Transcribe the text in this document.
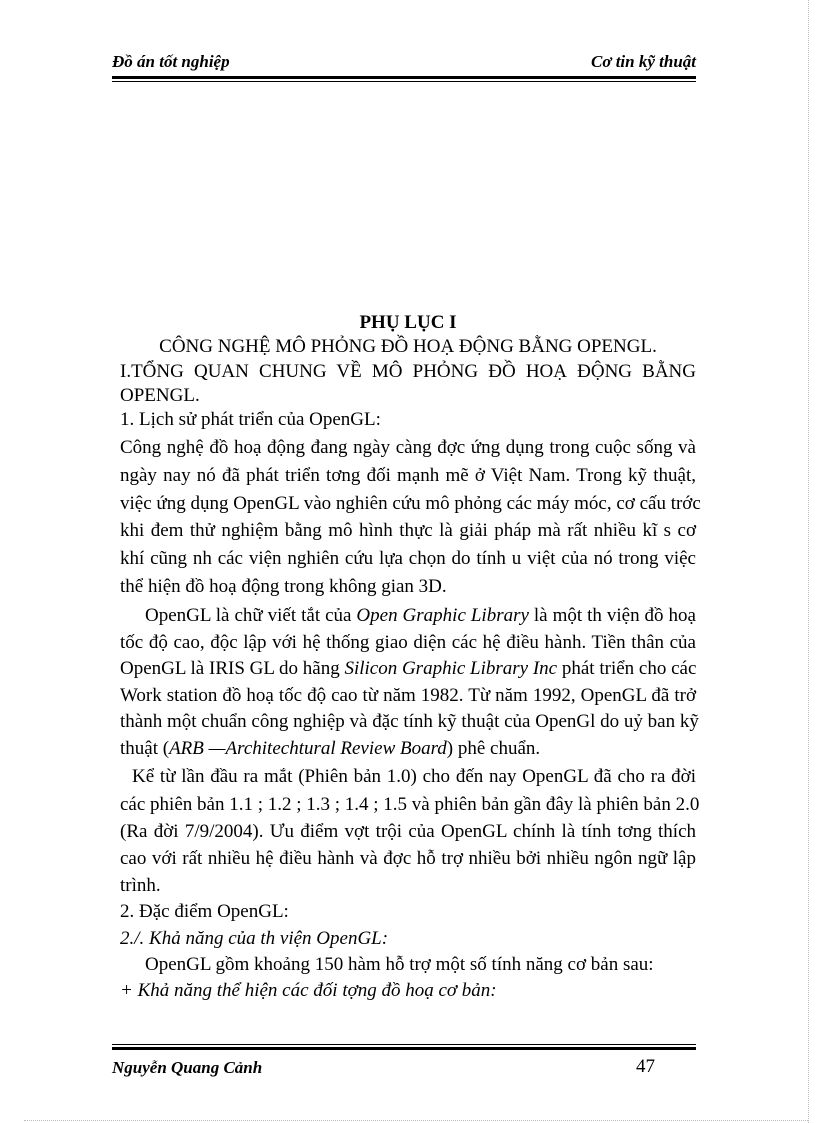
Đồ án tốt nghiệp	Cơ tin kỹ thuật
PHỤ LỤC I
CÔNG NGHỆ MÔ PHỎNG ĐỒ HOẠ ĐỘNG BẰNG OPENGL.
I.TỔNG QUAN CHUNG VỀ MÔ PHỎNG ĐỒ HOẠ ĐỘNG BẰNG
OPENGL.
1. Lịch sử phát triển của OpenGL:
Công nghệ đồ hoạ động đang ngày càng đợc ứng dụng trong cuộc sống và
ngày nay nó đã phát triển tơng đối mạnh mẽ ở Việt Nam. Trong kỹ thuật,
việc ứng dụng OpenGL vào nghiên cứu mô phỏng các máy móc, cơ cấu trớc
khi đem thử nghiệm bằng mô hình thực là giải pháp mà rất nhiều kĩ s cơ
khí cũng nh các viện nghiên cứu lựa chọn do tính u việt của nó trong việc
thể hiện đồ hoạ động trong không gian 3D.
OpenGL là chữ viết tắt của Open Graphic Library là một th viện đồ hoạ
tốc độ cao, độc lập với hệ thống giao diện các hệ điều hành. Tiền thân của
OpenGL là IRIS GL do hãng Silicon Graphic Library Inc phát triển cho các
Work station đồ hoạ tốc độ cao từ năm 1982. Từ năm 1992, OpenGL đã trở
thành một chuẩn công nghiệp và đặc tính kỹ thuật của OpenGl do uỷ ban kỹ
thuật (ARB —Architechtural Review Board) phê chuẩn.
Kể từ lần đầu ra mắt (Phiên bản 1.0) cho đến nay OpenGL đã cho ra đời
các phiên bản 1.1 ; 1.2 ; 1.3 ; 1.4 ; 1.5 và phiên bản gần đây là phiên bản 2.0
(Ra đời 7/9/2004). Ưu điểm vợt trội của OpenGL chính là tính tơng thích
cao với rất nhiều hệ điều hành và đợc hỗ trợ nhiều bởi nhiều ngôn ngữ lập
trình.
2. Đặc điểm OpenGL:
2./. Khả năng của th viện OpenGL:
OpenGL gồm khoảng 150 hàm hỗ trợ một số tính năng cơ bản sau:
+ Khả năng thể hiện các đối tợng đồ hoạ cơ bản:
Nguyễn Quang Cảnh	47
